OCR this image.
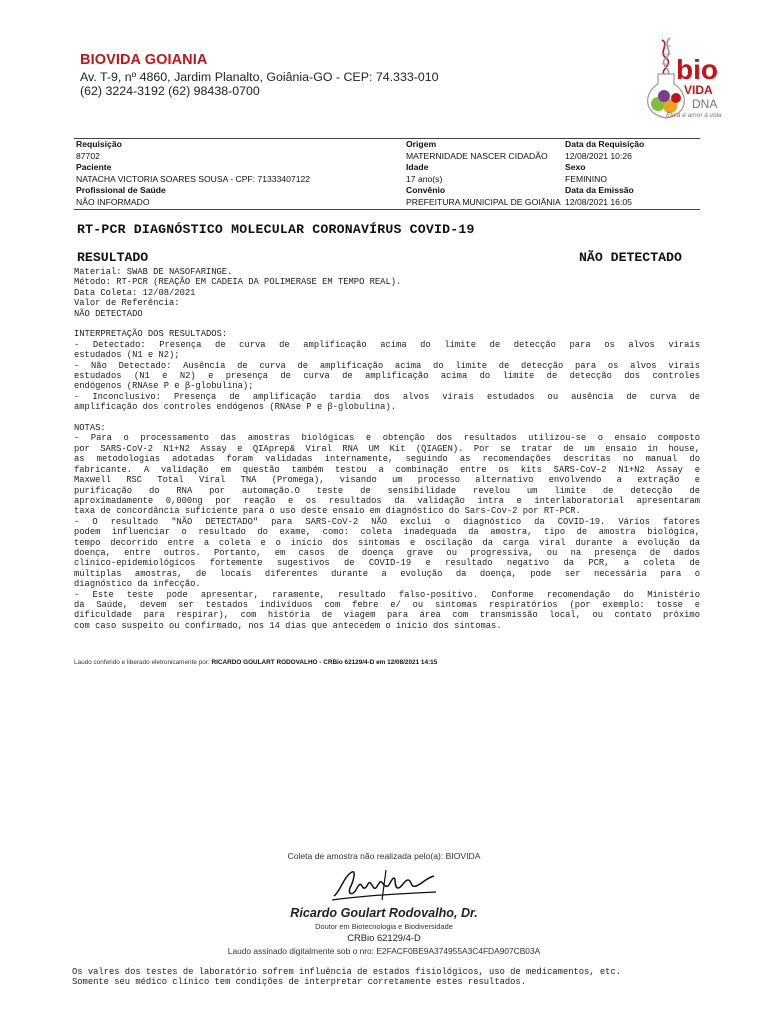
BIOVIDA GOIANIA
Av. T-9, nº 4860, Jardim Planalto, Goiânia-GO - CEP: 74.333-010
(62) 3224-3192 (62) 98438-0700
bio
VIDA
DNA
Ética e amor à vida
Requisição	Origem	Data da Requisição
87702	MATERNIDADE NASCER CIDADÃO	12/08/2021 10:26
Paciente	Idade	Sexo
NATACHA VICTORIA SOARES SOUSA - CPF: 71333407122	17 ano(s)	FEMININO
Profissional de Saúde	Convênio	Data da Emissão
NÃO INFORMADO	PREFEITURA MUNICIPAL DE GOIÂNIA	12/08/2021 16:05
RT-PCR DIAGNÓSTICO MOLECULAR CORONAVÍRUS COVID-19
RESULTADO	NÃO DETECTADO
Material: SWAB DE NASOFARINGE.
Método: RT-PCR (REAÇÃO EM CADEIA DA POLIMERASE EM TEMPO REAL).
Data Coleta: 12/08/2021
Valor de Referência:
NÃO DETECTADO
INTERPRETAÇÃO DOS RESULTADOS:
- Detectado: Presença de curva de amplificação acima do limite de detecção para os alvos virais
estudados (N1 e N2);
- Não Detectado: Ausência de curva de amplificação acima do limite de detecção para os alvos virais
estudados (N1 e N2) e presença de curva de amplificação acima do limite de detecção dos controles
endógenos (RNAse P e β-globulina);
- Inconclusivo: Presença de amplificação tardia dos alvos virais estudados ou ausência de curva de
amplificação dos controles endógenos (RNAse P e β-globulina).
NOTAS:
- Para o processamento das amostras biológicas e obtenção dos resultados utilizou-se o ensaio composto
por SARS-CoV-2 N1+N2 Assay e QIAprep& Viral RNA UM Kit (QIAGEN). Por se tratar de um ensaio in house,
as metodologias adotadas foram validadas internamente, seguindo as recomendações descritas no manual do
fabricante. A validação em questão também testou a combinação entre os kits SARS-CoV-2 N1+N2 Assay e
Maxwell RSC Total Viral TNA (Promega), visando um processo alternativo envolvendo a extração e
purificação do RNA por automação.O teste de sensibilidade revelou um limite de detecção de
aproximadamente 0,000ng por reação e os resultados da validação intra e interlaboratorial apresentaram
taxa de concordância suficiente para o uso deste ensaio em diagnóstico do Sars-Cov-2 por RT-PCR.
- O resultado "NÃO DETECTADO" para SARS-CoV-2 NÃO exclui o diagnóstico da COVID-19. Vários fatores
podem influenciar o resultado do exame, como: coleta inadequada da amostra, tipo de amostra biológica,
tempo decorrido entre a coleta e o início dos sintomas e oscilação da carga viral durante a evolução da
doença, entre outros. Portanto, em casos de doença grave ou progressiva, ou na presença de dados
clínico-epidemiológicos fortemente sugestivos de COVID-19 e resultado negativo da PCR, a coleta de
múltiplas amostras, de locais diferentes durante a evolução da doença, pode ser necessária para o
diagnóstico da infecção.
- Este teste pode apresentar, raramente, resultado falso-positivo. Conforme recomendação do Ministério
da Saúde, devem ser testados indivíduos com febre e/ ou sintomas respiratórios (por exemplo: tosse e
dificuldade para respirar), com história de viagem para área com transmissão local, ou contato próximo
com caso suspeito ou confirmado, nos 14 dias que antecedem o início dos sintomas.
Laudo conferido e liberado eletronicamente por: RICARDO GOULART RODOVALHO - CRBio 62129/4-D em 12/08/2021 14:15
Coleta de amostra não realizada pelo(a): BIOVIDA
Ricardo Goulart Rodovalho, Dr.
Doutor em Biotecnologia e Biodiversidade
CRBio 62129/4-D
Laudo assinado digitalmente sob o nro: E2FACF0BE9A374955A3C4FDA907CB03A
Os valres dos testes de laboratório sofrem influência de estados fisiológicos, uso de medicamentos, etc.
Somente seu médico clínico tem condições de interpretar corretamente estes resultados.
